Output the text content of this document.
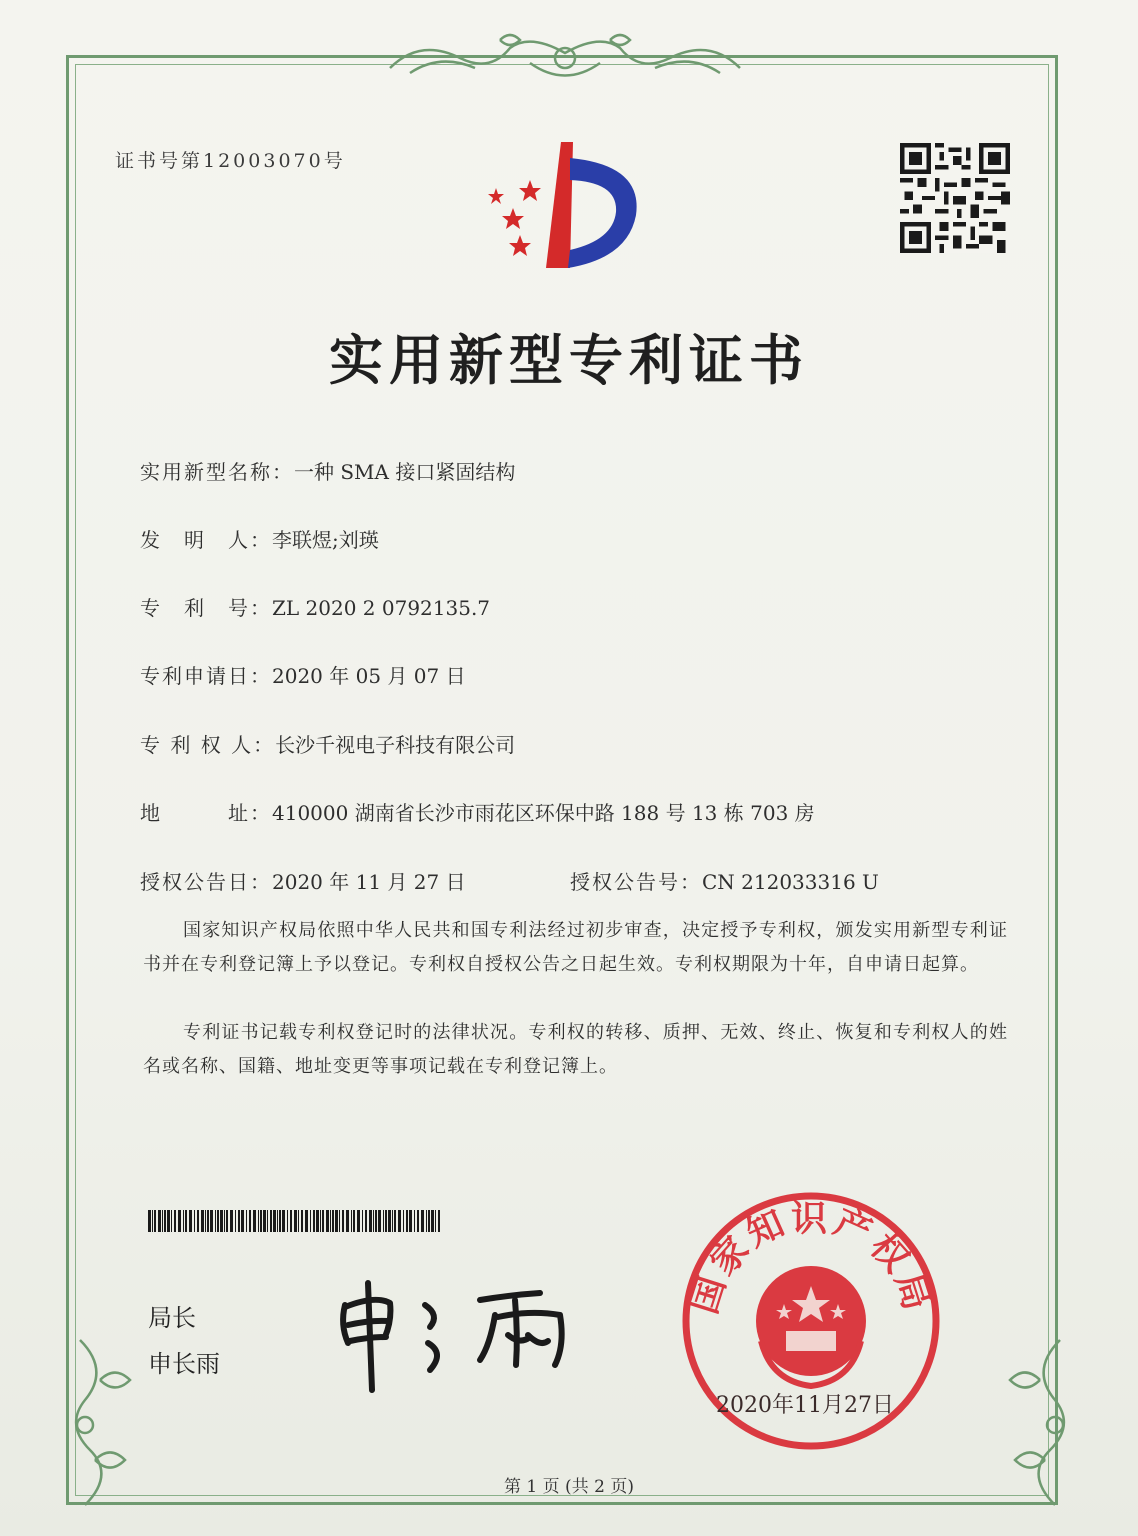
证书号第12003070号
实用新型专利证书
实用新型名称：一种 SMA 接口紧固结构
发　明　人：李联煜;刘瑛
专　利　号：ZL 2020 2 0792135.7
专利申请日：2020 年 05 月 07 日
专 利 权 人：长沙千视电子科技有限公司
地　　　址：410000 湖南省长沙市雨花区环保中路 188 号 13 栋 703 房
授权公告日：2020 年 11 月 27 日	授权公告号：CN 212033316 U
国家知识产权局依照中华人民共和国专利法经过初步审查，决定授予专利权，颁发实用新型专利证书并在专利登记簿上予以登记。专利权自授权公告之日起生效。专利权期限为十年，自申请日起算。
专利证书记载专利权登记时的法律状况。专利权的转移、质押、无效、终止、恢复和专利权人的姓名或名称、国籍、地址变更等事项记载在专利登记簿上。
局长
申长雨
国家知识产权局
2020年11月27日
第 1 页 (共 2 页)
